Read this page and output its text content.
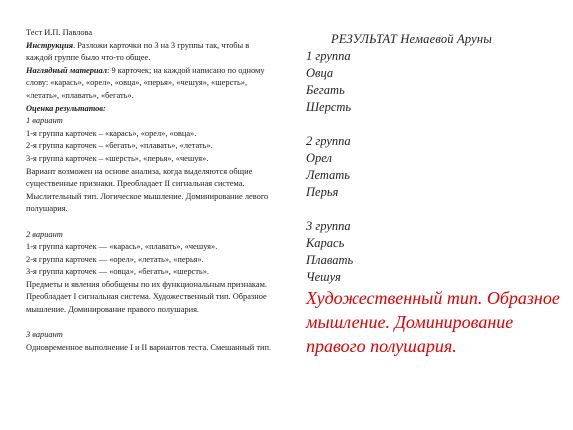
Тест И.П. Павлова

Инструкция. Разложи карточки по 3 на 3 группы так, чтобы в каждой группе было что-то общее.

Наглядный материал: 9 карточек; на каждой написано по одному слову: «карась», «орел», «овца», «перья», «чешуя», «шерсть», «летать», «плавать», «бегать».

Оценка результатов:

1 вариант

1-я группа карточек – «карась», «орел», «овца».

2-я группа карточек – «бегать», «плавать», «летать».

3-я группа карточек – «шерсть», «перья», «чешуя».

Вариант возможен на основе анализа, когда выделяются общие существенные признаки. Преобладает II сигнальная система. Мыслительный тип. Логическое мышление. Доминирование левого полушария.

2 вариант

1-я группа карточек — «карась», «плавать», «чешуя».

2-я группа карточек — «орел», «летать», «перья».

3-я группа карточек — «овца», «бегать», «шерсть».

Предметы и явления обобщены по их функциональным признакам. Преобладает I сигнальная система. Художественный тип. Образное мышление. Доминирование правого полушария.

3 вариант

Одновременное выполнение I и II вариантов теста. Смешанный тип.

РЕЗУЛЬТАТ Немаевой Аруны

1 группа

Овца

Бегать

Шерсть

2 группа

Орел

Летать

Перья

3 группа

Карась

Плавать

Чешуя

Художественный тип. Образное мышление. Доминирование правого полушария.
